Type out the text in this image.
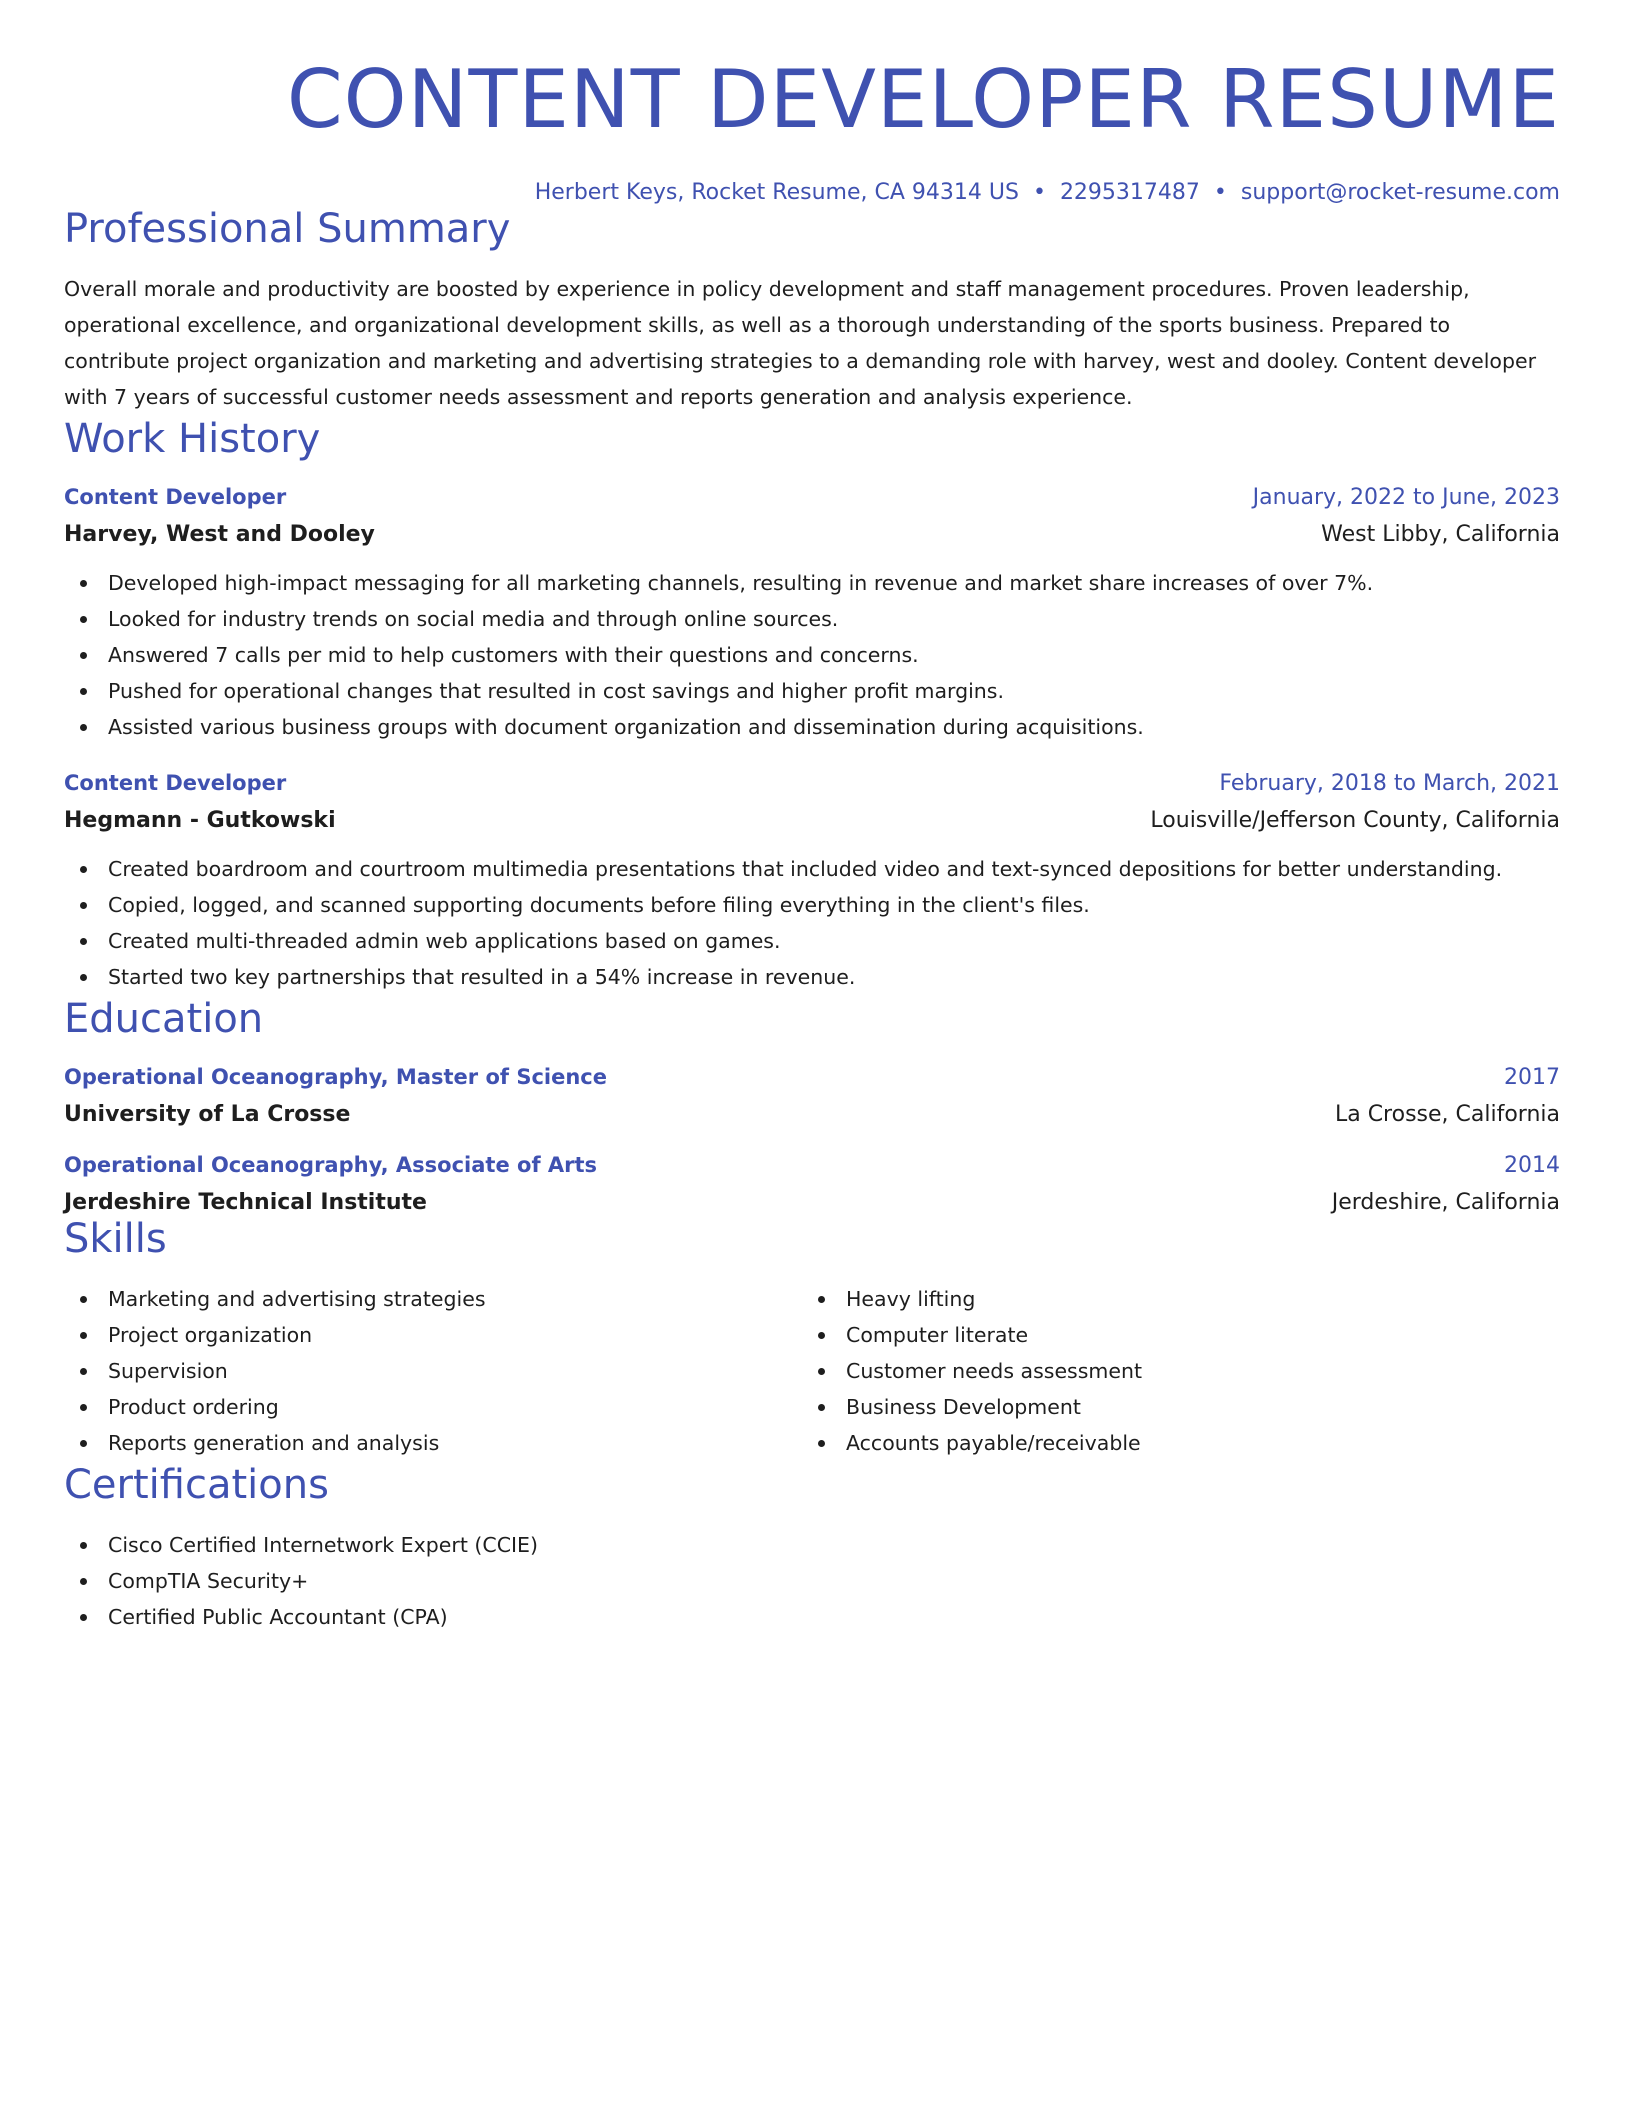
CONTENT DEVELOPER RESUME
Herbert Keys, Rocket Resume, CA 94314 US • 2295317487 • support@rocket-resume.com
Professional Summary
Overall morale and productivity are boosted by experience in policy development and staff management procedures. Proven leadership, operational excellence, and organizational development skills, as well as a thorough understanding of the sports business. Prepared to contribute project organization and marketing and advertising strategies to a demanding role with harvey, west and dooley. Content developer with 7 years of successful customer needs assessment and reports generation and analysis experience.
Work History
Content Developer	January, 2022 to June, 2023
Harvey, West and Dooley	West Libby, California
Developed high-impact messaging for all marketing channels, resulting in revenue and market share increases of over 7%.
Looked for industry trends on social media and through online sources.
Answered 7 calls per mid to help customers with their questions and concerns.
Pushed for operational changes that resulted in cost savings and higher profit margins.
Assisted various business groups with document organization and dissemination during acquisitions.
Content Developer	February, 2018 to March, 2021
Hegmann - Gutkowski	Louisville/Jefferson County, California
Created boardroom and courtroom multimedia presentations that included video and text-synced depositions for better understanding.
Copied, logged, and scanned supporting documents before filing everything in the client's files.
Created multi-threaded admin web applications based on games.
Started two key partnerships that resulted in a 54% increase in revenue.
Education
Operational Oceanography, Master of Science	2017
University of La Crosse	La Crosse, California
Operational Oceanography, Associate of Arts	2014
Jerdeshire Technical Institute	Jerdeshire, California
Skills
Marketing and advertising strategies
Project organization
Supervision
Product ordering
Reports generation and analysis
Heavy lifting
Computer literate
Customer needs assessment
Business Development
Accounts payable/receivable
Certifications
Cisco Certified Internetwork Expert (CCIE)
CompTIA Security+
Certified Public Accountant (CPA)
